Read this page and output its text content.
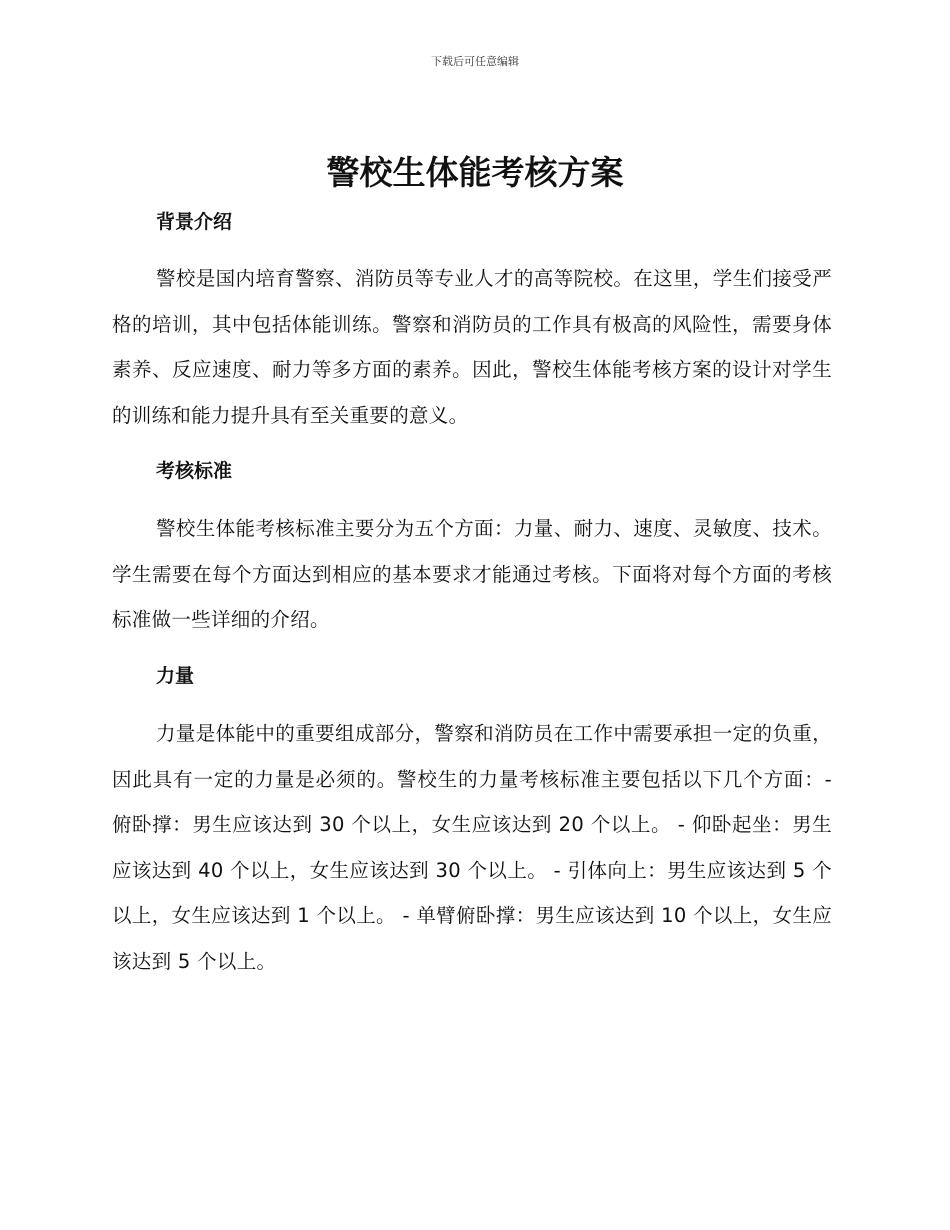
下载后可任意编辑
警校生体能考核方案
背景介绍

警校是国内培育警察、消防员等专业人才的高等院校。在这里，学生们接受严格的培训，其中包括体能训练。警察和消防员的工作具有极高的风险性，需要身体素养、反应速度、耐力等多方面的素养。因此，警校生体能考核方案的设计对学生的训练和能力提升具有至关重要的意义。

考核标准

警校生体能考核标准主要分为五个方面：力量、耐力、速度、灵敏度、技术。学生需要在每个方面达到相应的基本要求才能通过考核。下面将对每个方面的考核标准做一些详细的介绍。

力量

力量是体能中的重要组成部分，警察和消防员在工作中需要承担一定的负重，因此具有一定的力量是必须的。警校生的力量考核标准主要包括以下几个方面：- 俯卧撑：男生应该达到 30 个以上，女生应该达到 20 个以上。 - 仰卧起坐：男生应该达到 40 个以上，女生应该达到 30 个以上。 - 引体向上：男生应该达到 5 个以上，女生应该达到 1 个以上。 - 单臂俯卧撑：男生应该达到 10 个以上，女生应该达到 5 个以上。
